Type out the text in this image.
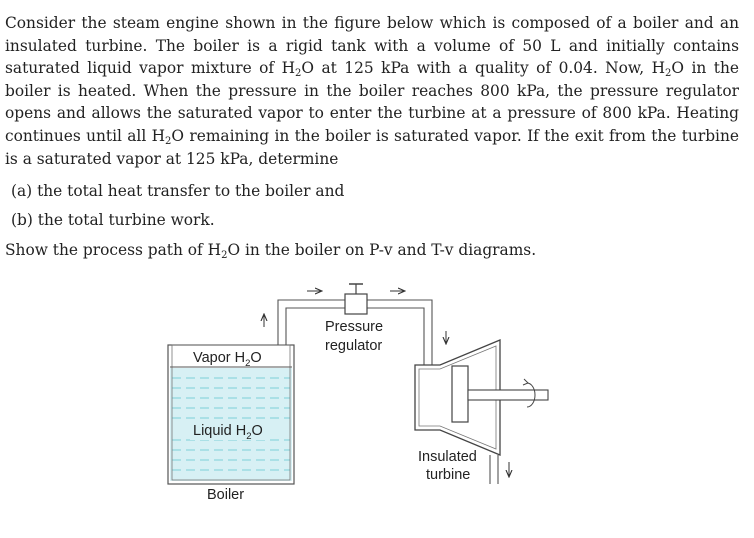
Consider the steam engine shown in the figure below which is composed of a boiler and an
insulated turbine. The boiler is a rigid tank with a volume of 50 L and initially contains
saturated liquid vapor mixture of $H_2O$ at 125 kPa with a quality of 0.04. Now, $H_2O$ in the
boiler is heated. When the pressure in the boiler reaches 800 kPa, the pressure regulator
opens and allows the saturated vapor to enter the turbine at a pressure of 800 kPa. Heating
continues until all $H_2O$ remaining in the boiler is saturated vapor. If the exit from the turbine
is a saturated vapor at 125 kPa, determine
(a) the total heat transfer to the boiler and
(b) the total turbine work.
Show the process path of $H_2O$ in the boiler on P-v and T-v diagrams.
Vapor $H_2O$
Liquid $H_2O$
Boiler
Pressure
regulator
Insulated
turbine
